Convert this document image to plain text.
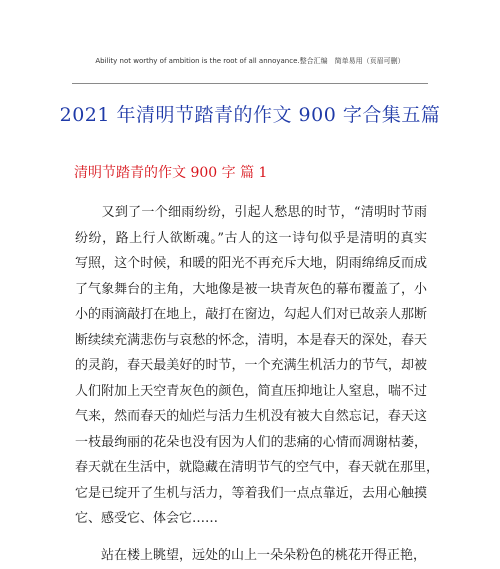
Ability not worthy of ambition is the root of all annoyance.整合汇编　简单易用（页眉可删）
2021 年清明节踏青的作文 900 字合集五篇
清明节踏青的作文 900 字 篇 1
　　又到了一个细雨纷纷，引起人愁思的时节，“清明时节雨
纷纷，路上行人欲断魂。”古人的这一诗句似乎是清明的真实
写照，这个时候，和暖的阳光不再充斥大地，阴雨绵绵反而成
了气象舞台的主角，大地像是被一块青灰色的幕布覆盖了，小
小的雨滴敲打在地上，敲打在窗边，勾起人们对已故亲人那断
断续续充满悲伤与哀愁的怀念，清明，本是春天的深处，春天
的灵韵，春天最美好的时节，一个充满生机活力的节气，却被
人们附加上天空青灰色的颜色，简直压抑地让人窒息，喘不过
气来，然而春天的灿烂与活力生机没有被大自然忘记，春天这
一枝最绚丽的花朵也没有因为人们的悲痛的心情而凋谢枯萎，
春天就在生活中，就隐藏在清明节气的空气中，春天就在那里，
它是已绽开了生机与活力，等着我们一点点靠近，去用心触摸
它、感受它、体会它……
　　站在楼上眺望，远处的山上一朵朵粉色的桃花开得正艳，
